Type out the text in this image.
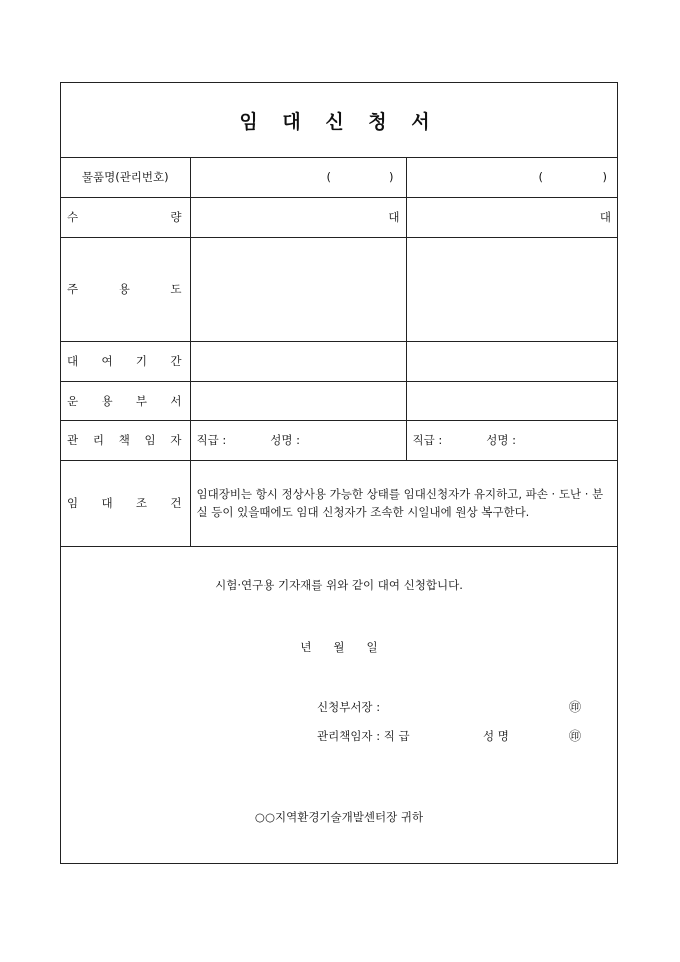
임 대 신 청 서
물품명(관리번호)	( )	( )

수 량	대	대

주 용 도		

대 여 기 간		

운 용 부 서		

관 리 책 임 자	직급 : 성명 :	직급 : 성명 :

임 대 조 건	임대장비는 항시 정상사용 가능한 상태를 임대신청자가 유지하고, 파손 · 도난 · 분실 등이 있을때에도 임대 신청자가 조속한 시일내에 원상 복구한다.	
시험‧연구용 기자재를 위와 같이 대여 신청합니다.
년      월      일
신청부서장 :	㊞
관리책임자 : 직 급	성 명	㊞
○○지역환경기술개발센터장 귀하
